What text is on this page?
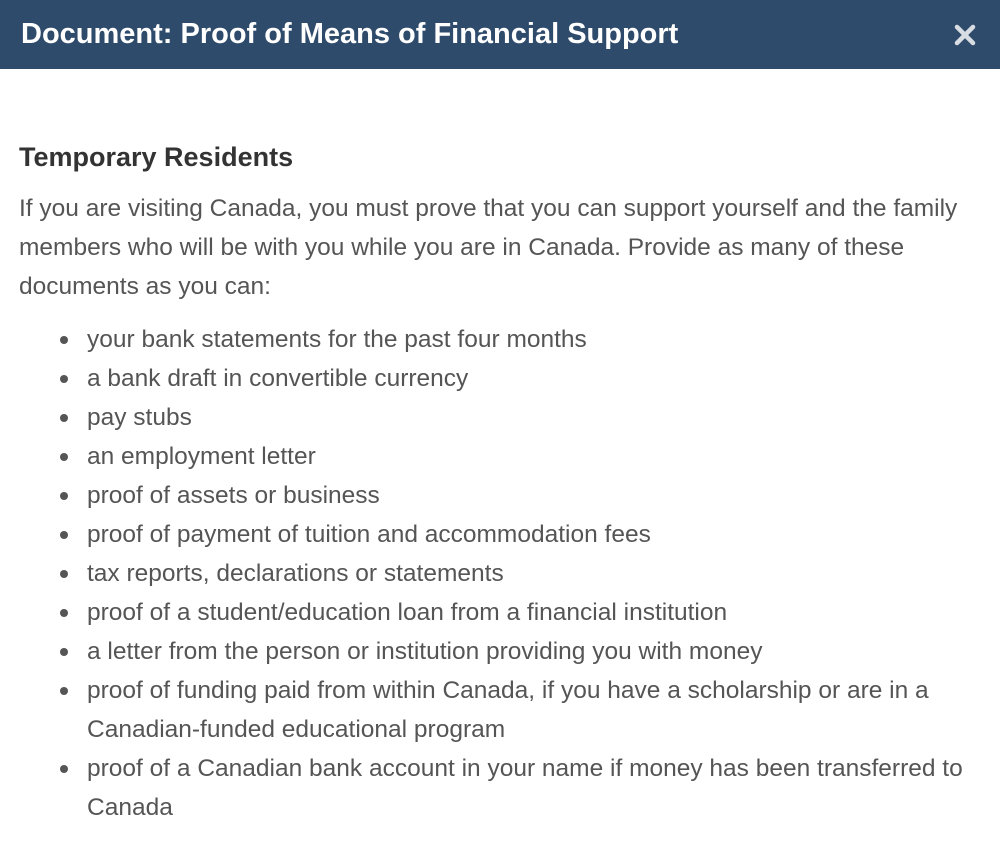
Document: Proof of Means of Financial Support
Temporary Residents

If you are visiting Canada, you must prove that you can support yourself and the family members who will be with you while you are in Canada. Provide as many of these documents as you can:

your bank statements for the past four months
a bank draft in convertible currency
pay stubs
an employment letter
proof of assets or business
proof of payment of tuition and accommodation fees
tax reports, declarations or statements
proof of a student/education loan from a financial institution
a letter from the person or institution providing you with money
proof of funding paid from within Canada, if you have a scholarship or are in a Canadian-funded educational program
proof of a Canadian bank account in your name if money has been transferred to Canada
